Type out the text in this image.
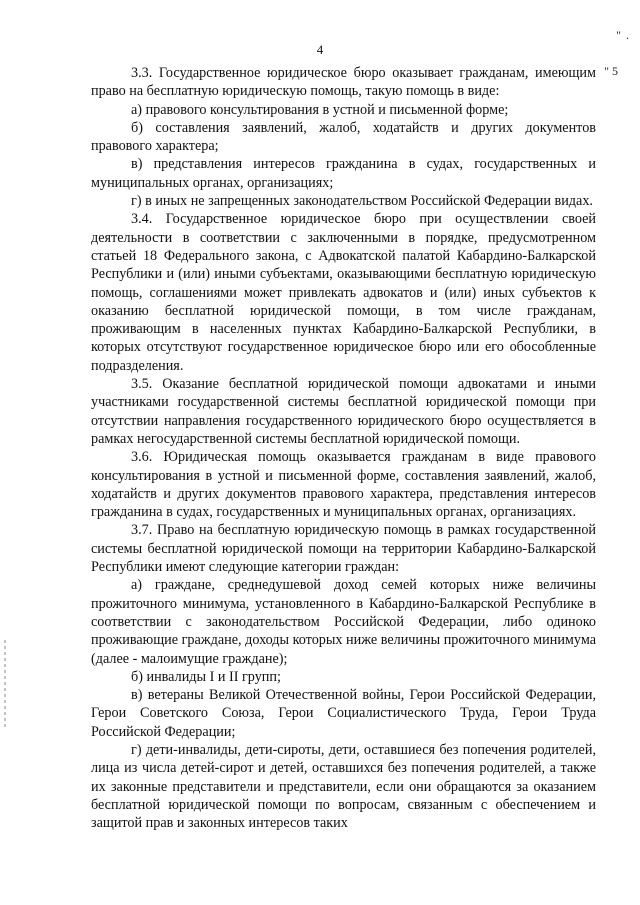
4
" .
" 5

3.3. Государственное юридическое бюро оказывает гражданам, имеющим право на бесплатную юридическую помощь, такую помощь в виде:

а) правового консультирования в устной и письменной форме;

б) составления заявлений, жалоб, ходатайств и других документов правового характера;

в) представления интересов гражданина в судах, государственных и муниципальных органах, организациях;

г) в иных не запрещенных законодательством Российской Федерации видах.

3.4. Государственное юридическое бюро при осуществлении своей деятельности в соответствии с заключенными в порядке, предусмотренном статьей 18 Федерального закона, с Адвокатской палатой Кабардино-Балкарской Республики и (или) иными субъектами, оказывающими бесплатную юридическую помощь, соглашениями может привлекать адвокатов и (или) иных субъектов к оказанию бесплатной юридической помощи, в том числе гражданам, проживающим в населенных пунктах Кабардино-Балкарской Республики, в которых отсутствуют государственное юридическое бюро или его обособленные подразделения.

3.5. Оказание бесплатной юридической помощи адвокатами и иными участниками государственной системы бесплатной юридической помощи при отсутствии направления государственного юридического бюро осуществляется в рамках негосударственной системы бесплатной юридической помощи.

3.6. Юридическая помощь оказывается гражданам в виде правового консультирования в устной и письменной форме, составления заявлений, жалоб, ходатайств и других документов правового характера, представления интересов гражданина в судах, государственных и муниципальных органах, организациях.

3.7. Право на бесплатную юридическую помощь в рамках государственной системы бесплатной юридической помощи на территории Кабардино-Балкарской Республики имеют следующие категории граждан:

а) граждане, среднедушевой доход семей которых ниже величины прожиточного минимума, установленного в Кабардино-Балкарской Республике в соответствии с законодательством Российской Федерации, либо одиноко проживающие граждане, доходы которых ниже величины прожиточного минимума (далее - малоимущие граждане);

б) инвалиды I и II групп;

в) ветераны Великой Отечественной войны, Герои Российской Федерации, Герои Советского Союза, Герои Социалистического Труда, Герои Труда Российской Федерации;

г) дети-инвалиды, дети-сироты, дети, оставшиеся без попечения родителей, лица из числа детей-сирот и детей, оставшихся без попечения родителей, а также их законные представители и представители, если они обращаются за оказанием бесплатной юридической помощи по вопросам, связанным с обеспечением и защитой прав и законных интересов таких
